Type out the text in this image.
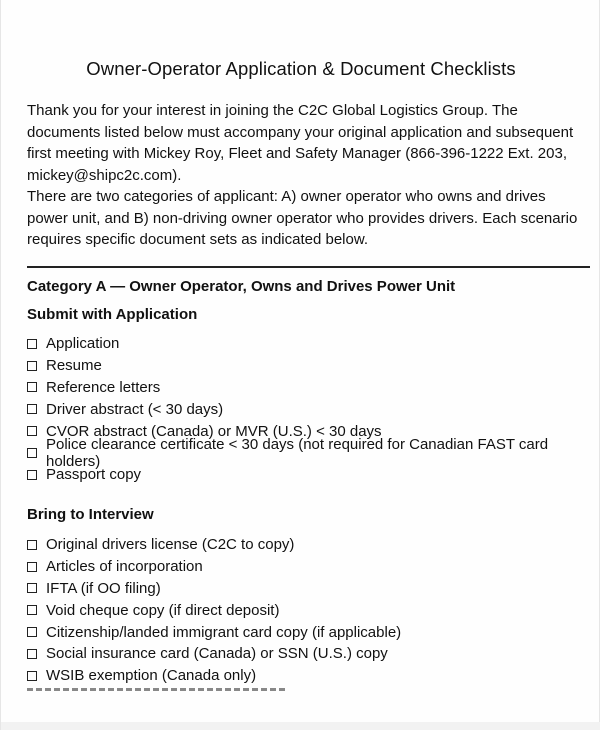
Owner-Operator Application & Document Checklists
Thank you for your interest in joining the C2C Global Logistics Group. The documents listed below must accompany your original application and subsequent first meeting with Mickey Roy, Fleet and Safety Manager (866-396-1222 Ext. 203, mickey@shipc2c.com).
There are two categories of applicant: A) owner operator who owns and drives power unit, and B) non-driving owner operator who provides drivers. Each scenario requires specific document sets as indicated below.
Category A — Owner Operator, Owns and Drives Power Unit
Submit with Application
Application
Resume
Reference letters
Driver abstract (< 30 days)
CVOR abstract (Canada) or MVR (U.S.) < 30 days
Police clearance certificate < 30 days (not required for Canadian FAST card holders)
Passport copy
Bring to Interview
Original drivers license (C2C to copy)
Articles of incorporation
IFTA (if OO filing)
Void cheque copy (if direct deposit)
Citizenship/landed immigrant card copy (if applicable)
Social insurance card (Canada) or SSN (U.S.) copy
WSIB exemption (Canada only)
